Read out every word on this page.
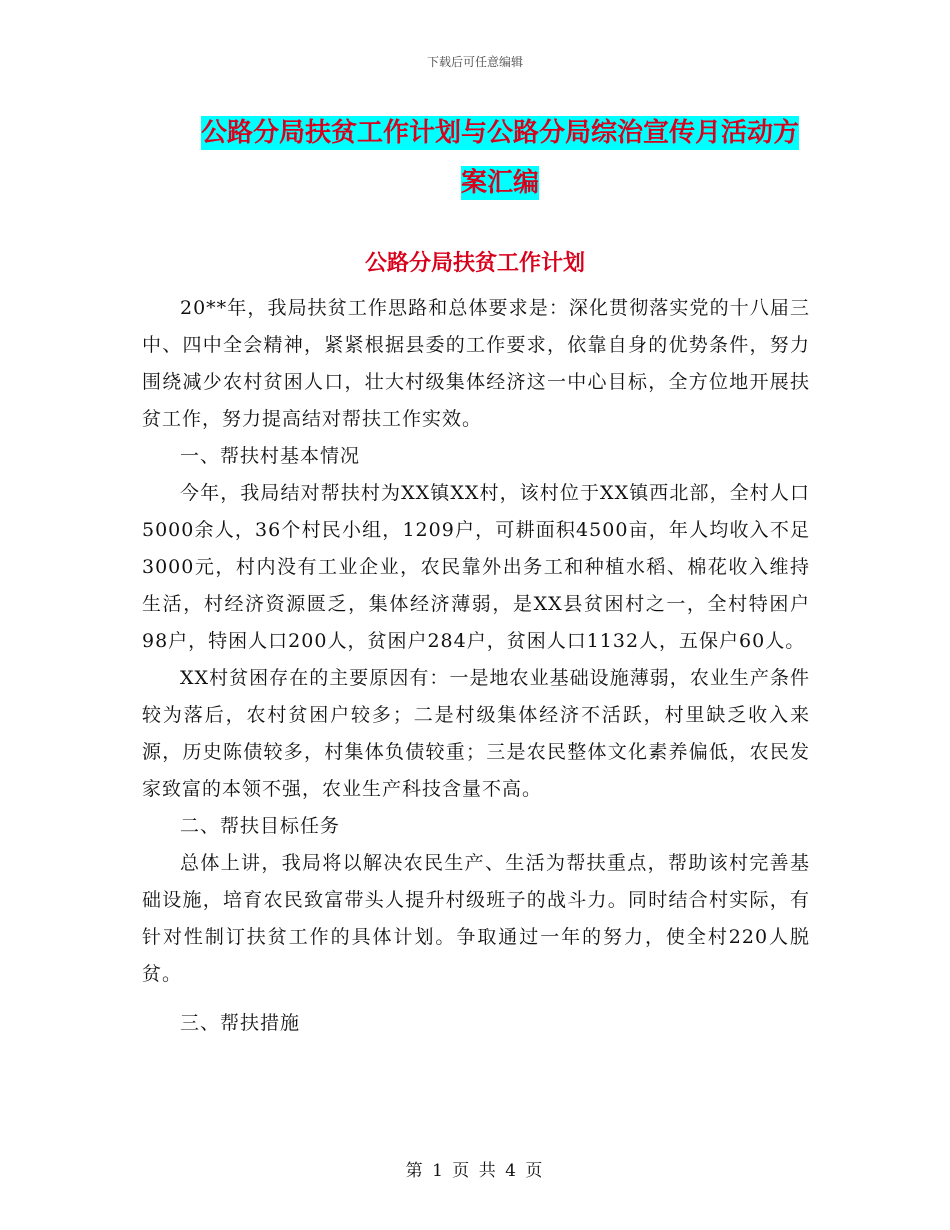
下载后可任意编辑
公路分局扶贫工作计划与公路分局综治宣传月活动方
案汇编
公路分局扶贫工作计划

20**年，我局扶贫工作思路和总体要求是：深化贯彻落实党的十八届三中、四中全会精神，紧紧根据县委的工作要求，依靠自身的优势条件，努力围绕减少农村贫困人口，壮大村级集体经济这一中心目标，全方位地开展扶贫工作，努力提高结对帮扶工作实效。

一、帮扶村基本情况

今年，我局结对帮扶村为XX镇XX村，该村位于XX镇西北部，全村人口5000余人，36个村民小组，1209户，可耕面积4500亩，年人均收入不足3000元，村内没有工业企业，农民靠外出务工和种植水稻、棉花收入维持生活，村经济资源匮乏，集体经济薄弱，是XX县贫困村之一，全村特困户98户，特困人口200人，贫困户284户，贫困人口1132人，五保户60人。

XX村贫困存在的主要原因有：一是地农业基础设施薄弱，农业生产条件较为落后，农村贫困户较多；二是村级集体经济不活跃，村里缺乏收入来源，历史陈债较多，村集体负债较重；三是农民整体文化素养偏低，农民发家致富的本领不强，农业生产科技含量不高。

二、帮扶目标任务

总体上讲，我局将以解决农民生产、生活为帮扶重点，帮助该村完善基础设施，培育农民致富带头人提升村级班子的战斗力。同时结合村实际，有针对性制订扶贫工作的具体计划。争取通过一年的努力，使全村220人脱贫。

三、帮扶措施

第 1 页 共 4 页
